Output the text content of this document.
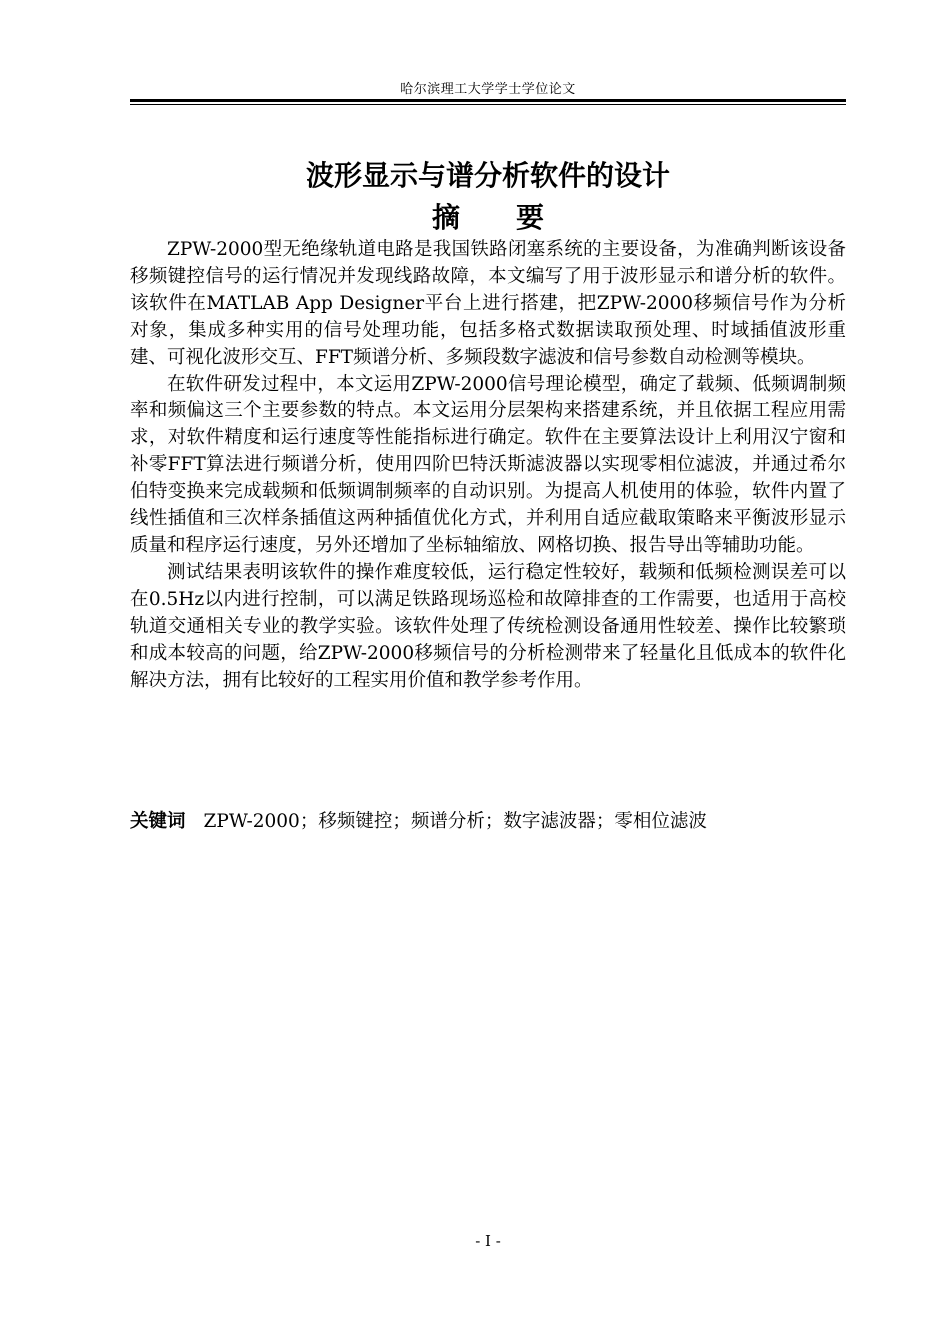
哈尔滨理工大学学士学位论文
波形显示与谱分析软件的设计
摘 要

ZPW-2000型无绝缘轨道电路是我国铁路闭塞系统的主要设备，为准确判断该设备移频键控信号的运行情况并发现线路故障，本文编写了用于波形显示和谱分析的软件。该软件在MATLAB App Designer平台上进行搭建，把ZPW-2000移频信号作为分析对象，集成多种实用的信号处理功能，包括多格式数据读取预处理、时域插值波形重建、可视化波形交互、FFT频谱分析、多频段数字滤波和信号参数自动检测等模块。

在软件研发过程中，本文运用ZPW-2000信号理论模型，确定了载频、低频调制频率和频偏这三个主要参数的特点。本文运用分层架构来搭建系统，并且依据工程应用需求，对软件精度和运行速度等性能指标进行确定。软件在主要算法设计上利用汉宁窗和补零FFT算法进行频谱分析，使用四阶巴特沃斯滤波器以实现零相位滤波，并通过希尔伯特变换来完成载频和低频调制频率的自动识别。为提高人机使用的体验，软件内置了线性插值和三次样条插值这两种插值优化方式，并利用自适应截取策略来平衡波形显示质量和程序运行速度，另外还增加了坐标轴缩放、网格切换、报告导出等辅助功能。

测试结果表明该软件的操作难度较低，运行稳定性较好，载频和低频检测误差可以在0.5Hz以内进行控制，可以满足铁路现场巡检和故障排查的工作需要，也适用于高校轨道交通相关专业的教学实验。该软件处理了传统检测设备通用性较差、操作比较繁琐和成本较高的问题，给ZPW-2000移频信号的分析检测带来了轻量化且低成本的软件化解决方法，拥有比较好的工程实用价值和教学参考作用。

关键词 ZPW-2000；移频键控；频谱分析；数字滤波器；零相位滤波
- I -
